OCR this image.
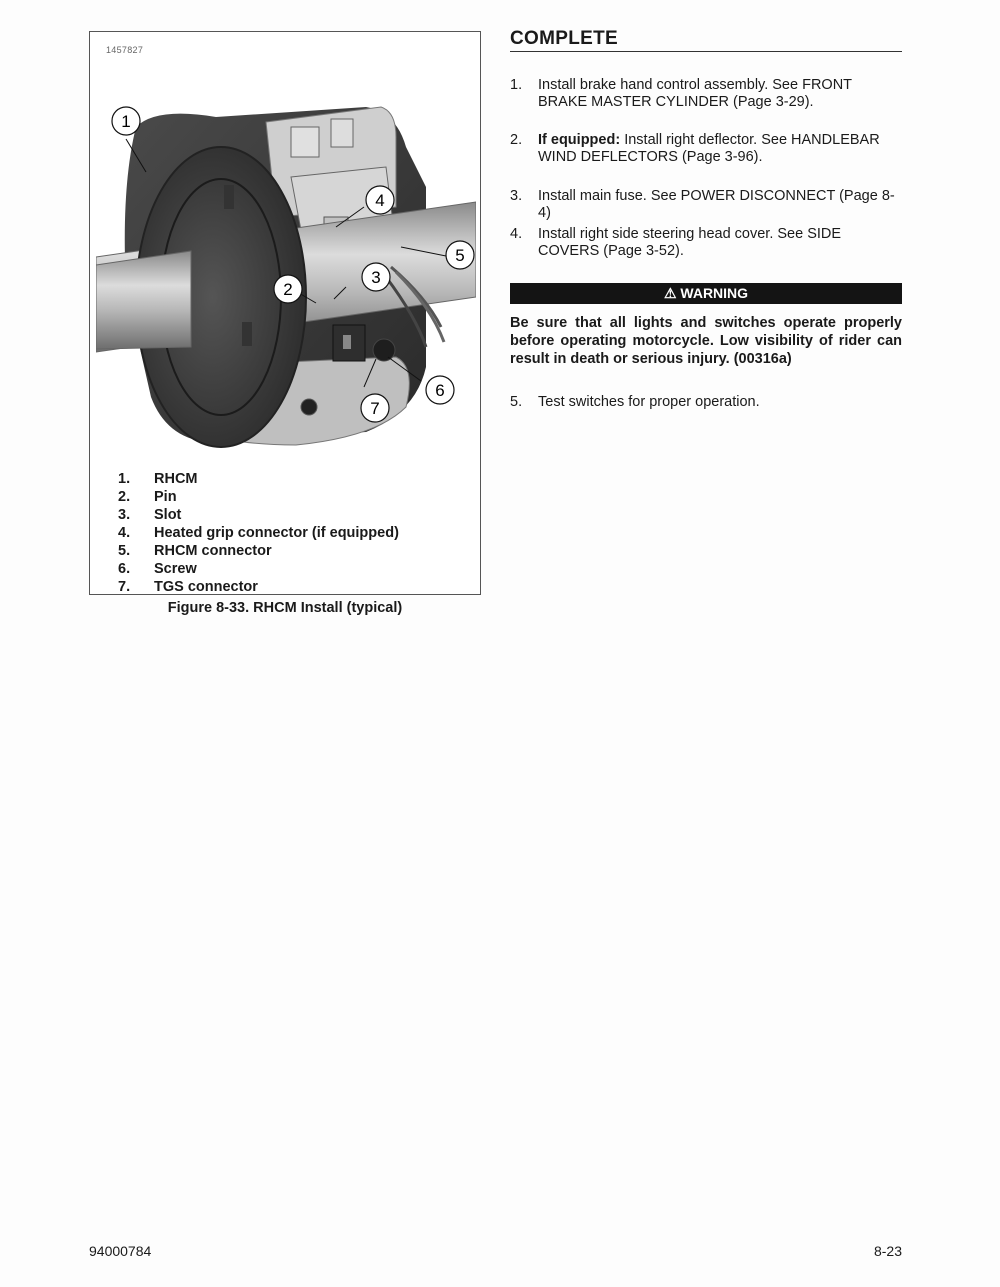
1457827
1
2
3
4
5
6
7
1.	RHCM
2.	Pin
3.	Slot
4.	Heated grip connector (if equipped)
5.	RHCM connector
6.	Screw
7.	TGS connector
Figure 8-33. RHCM Install (typical)
COMPLETE
1.	Install brake hand control assembly. See FRONT BRAKE MASTER CYLINDER (Page 3-29).
2.	If equipped: Install right deflector. See HANDLEBAR WIND DEFLECTORS (Page 3-96).
3.	Install main fuse. See POWER DISCONNECT (Page 8-4)
4.	Install right side steering head cover. See SIDE COVERS (Page 3-52).
⚠ WARNING
Be sure that all lights and switches operate properly before operating motorcycle. Low visibility of rider can result in death or serious injury. (00316a)
5.	Test switches for proper operation.
94000784	8-23
